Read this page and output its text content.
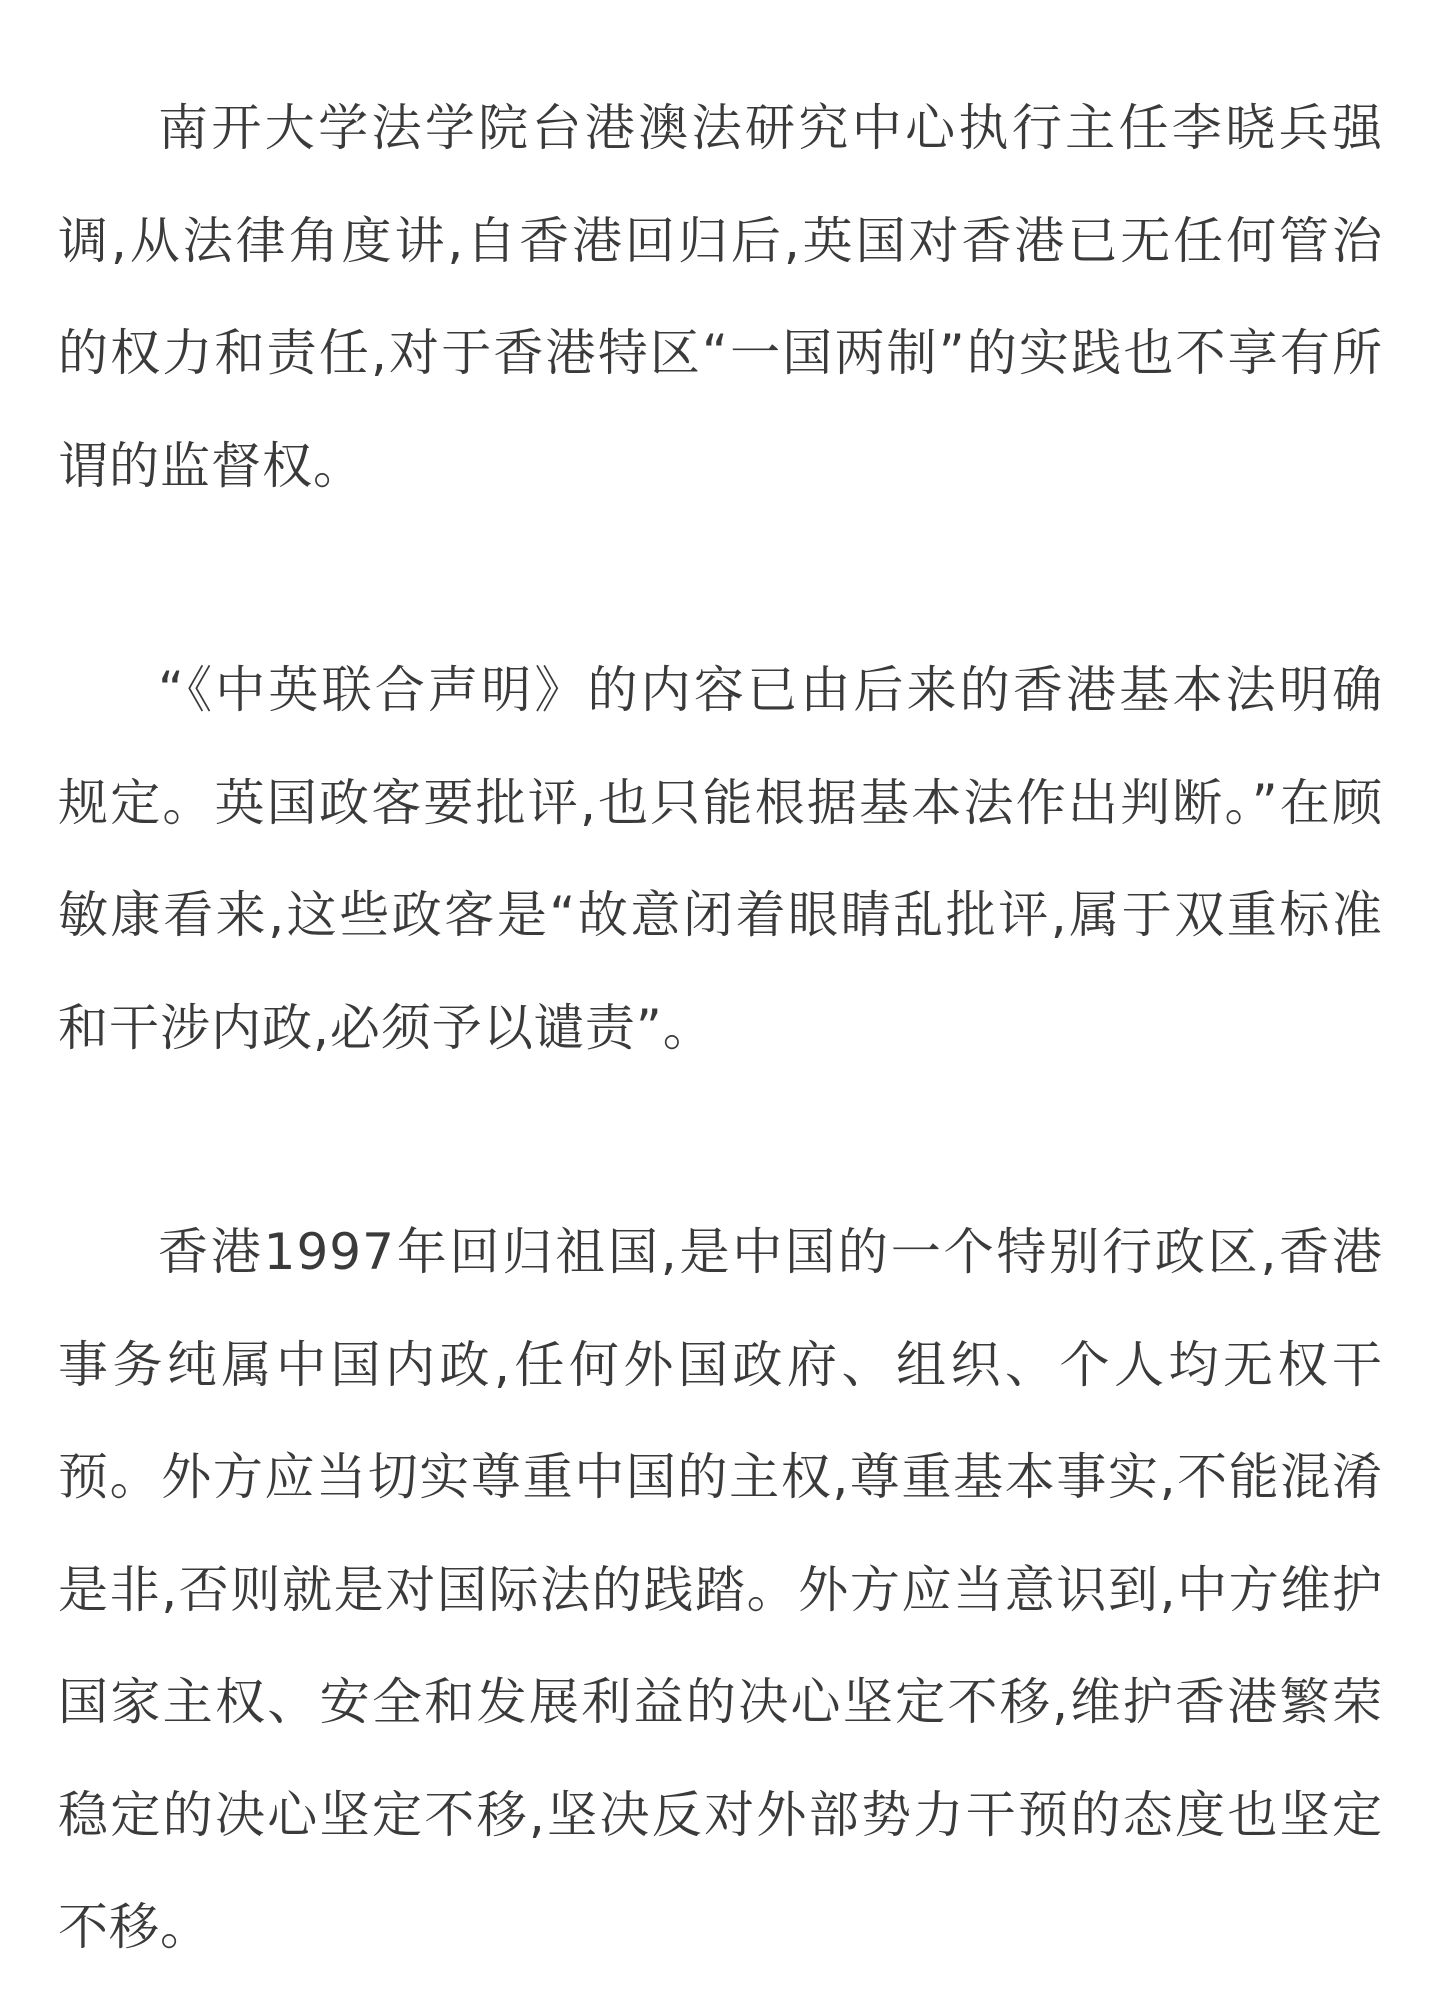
南开大学法学院台港澳法研究中心执行主任李晓兵强调,从法律角度讲,自香港回归后,英国对香港已无任何管治的权力和责任,对于香港特区“一国两制”的实践也不享有所谓的监督权。

“《中英联合声明》的内容已由后来的香港基本法明确规定。英国政客要批评,也只能根据基本法作出判断。”在顾敏康看来,这些政客是“故意闭着眼睛乱批评,属于双重标准和干涉内政,必须予以谴责”。

香港1997年回归祖国,是中国的一个特别行政区,香港事务纯属中国内政,任何外国政府、组织、个人均无权干预。外方应当切实尊重中国的主权,尊重基本事实,不能混淆是非,否则就是对国际法的践踏。外方应当意识到,中方维护国家主权、安全和发展利益的决心坚定不移,维护香港繁荣稳定的决心坚定不移,坚决反对外部势力干预的态度也坚定不移。
